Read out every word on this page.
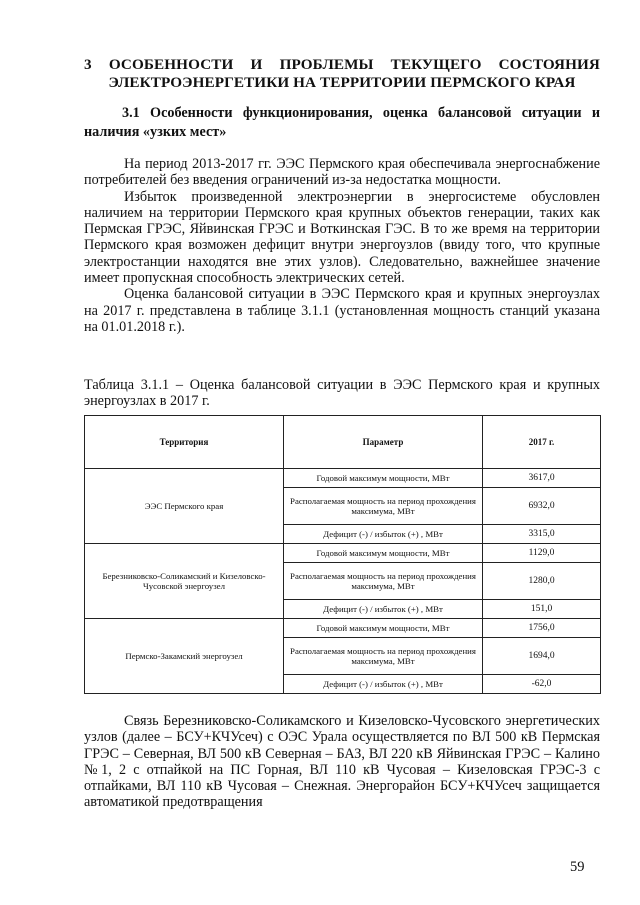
3 ОСОБЕННОСТИ И ПРОБЛЕМЫ ТЕКУЩЕГО СОСТОЯНИЯ ЭЛЕКТРОЭНЕРГЕТИКИ НА ТЕРРИТОРИИ ПЕРМСКОГО КРАЯ
3.1 Особенности функционирования, оценка балансовой ситуации и наличия «узких мест»

На период 2013-2017 гг. ЭЭС Пермского края обеспечивала энергоснабжение потребителей без введения ограничений из-за недостатка мощности.

Избыток произведенной электроэнергии в энергосистеме обусловлен наличием на территории Пермского края крупных объектов генерации, таких как Пермская ГРЭС, Яйвинская ГРЭС и Воткинская ГЭС. В то же время на территории Пермского края возможен дефицит внутри энергоузлов (ввиду того, что крупные электростанции находятся вне этих узлов). Следовательно, важнейшее значение имеет пропускная способность электрических сетей.

Оценка балансовой ситуации в ЭЭС Пермского края и крупных энергоузлах на 2017 г. представлена в таблице 3.1.1 (установленная мощность станций указана на 01.01.2018 г.).

Таблица 3.1.1 – Оценка балансовой ситуации в ЭЭС Пермского края и крупных энергоузлах в 2017 г.
Территория	Параметр	2017 г.
ЭЭС Пермского края	Годовой максимум мощности, МВт	3617,0
	Располагаемая мощность на период прохождения максимума, МВт	6932,0
	Дефицит (-) / избыток (+) , МВт	3315,0
Березниковско-Соликамский и Кизеловско-Чусовской энергоузел	Годовой максимум мощности, МВт	1129,0
	Располагаемая мощность на период прохождения максимума, МВт	1280,0
	Дефицит (-) / избыток (+) , МВт	151,0
Пермско-Закамский энергоузел	Годовой максимум мощности, МВт	1756,0
	Располагаемая мощность на период прохождения максимума, МВт	1694,0
	Дефицит (-) / избыток (+) , МВт	-62,0

Связь Березниковско-Соликамского и Кизеловско-Чусовского энергетических узлов (далее – БСУ+КЧУсеч) с ОЭС Урала осуществляется по ВЛ 500 кВ Пермская ГРЭС – Северная, ВЛ 500 кВ Северная – БАЗ, ВЛ 220 кВ Яйвинская ГРЭС – Калино №1, 2 с отпайкой на ПС Горная, ВЛ 110 кВ Чусовая – Кизеловская ГРЭС-3 с отпайками, ВЛ 110 кВ Чусовая – Снежная. Энергорайон БСУ+КЧУсеч защищается автоматикой предотвращения

59
